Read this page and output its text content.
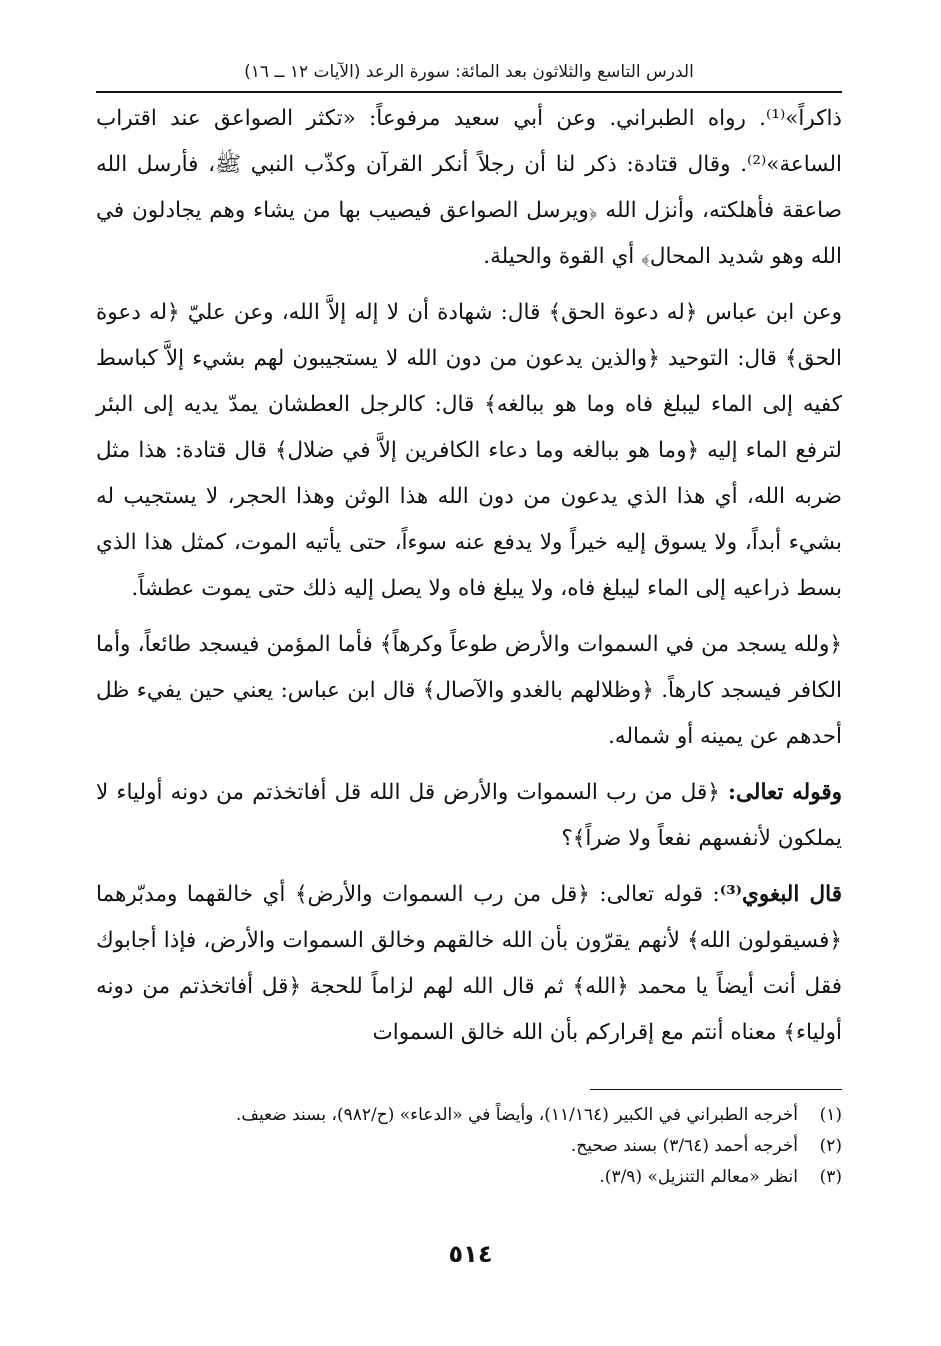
الدرس التاسع والثلاثون بعد المائة: سورة الرعد (الآيات ١٢ ــ ١٦)

ذاكراً»⁽¹⁾. رواه الطبراني. وعن أبي سعيد مرفوعاً: «تكثر الصواعق عند اقتراب الساعة»⁽²⁾. وقال قتادة: ذكر لنا أن رجلاً أنكر القرآن وكذّب النبي ﷺ، فأرسل الله صاعقة فأهلكته، وأنزل الله ﴿ويرسل الصواعق فيصيب بها من يشاء وهم يجادلون في الله وهو شديد المحال﴾ أي القوة والحيلة.

وعن ابن عباس ﴿له دعوة الحق﴾ قال: شهادة أن لا إله إلاَّ الله، وعن عليّ ﴿له دعوة الحق﴾ قال: التوحيد ﴿والذين يدعون من دون الله لا يستجيبون لهم بشيء إلاَّ كباسط كفيه إلى الماء ليبلغ فاه وما هو ببالغه﴾ قال: كالرجل العطشان يمدّ يديه إلى البئر لترفع الماء إليه ﴿وما هو ببالغه وما دعاء الكافرين إلاَّ في ضلال﴾ قال قتادة: هذا مثل ضربه الله، أي هذا الذي يدعون من دون الله هذا الوثن وهذا الحجر، لا يستجيب له بشيء أبداً، ولا يسوق إليه خيراً ولا يدفع عنه سوءاً، حتى يأتيه الموت، كمثل هذا الذي بسط ذراعيه إلى الماء ليبلغ فاه، ولا يبلغ فاه ولا يصل إليه ذلك حتى يموت عطشاً.

﴿ولله يسجد من في السموات والأرض طوعاً وكرهاً﴾ فأما المؤمن فيسجد طائعاً، وأما الكافر فيسجد كارهاً. ﴿وظلالهم بالغدو والآصال﴾ قال ابن عباس: يعني حين يفيء ظل أحدهم عن يمينه أو شماله.

وقوله تعالى: ﴿قل من رب السموات والأرض قل الله قل أفاتخذتم من دونه أولياء لا يملكون لأنفسهم نفعاً ولا ضراً﴾؟

قال البغوي⁽³⁾: قوله تعالى: ﴿قل من رب السموات والأرض﴾ أي خالقهما ومدبّرهما ﴿فسيقولون الله﴾ لأنهم يقرّون بأن الله خالقهم وخالق السموات والأرض، فإذا أجابوك فقل أنت أيضاً يا محمد ﴿الله﴾ ثم قال الله لهم لزاماً للحجة ﴿قل أفاتخذتم من دونه أولياء﴾ معناه أنتم مع إقراركم بأن الله خالق السموات

(١)أخرجه الطبراني في الكبير (١١/١٦٤)، وأيضاً في «الدعاء» (ح/٩٨٢)، بسند ضعيف.
(٢)أخرجه أحمد (٣/٦٤) بسند صحيح.
(٣)انظر «معالم التنزيل» (٣/٩).
٥١٤
